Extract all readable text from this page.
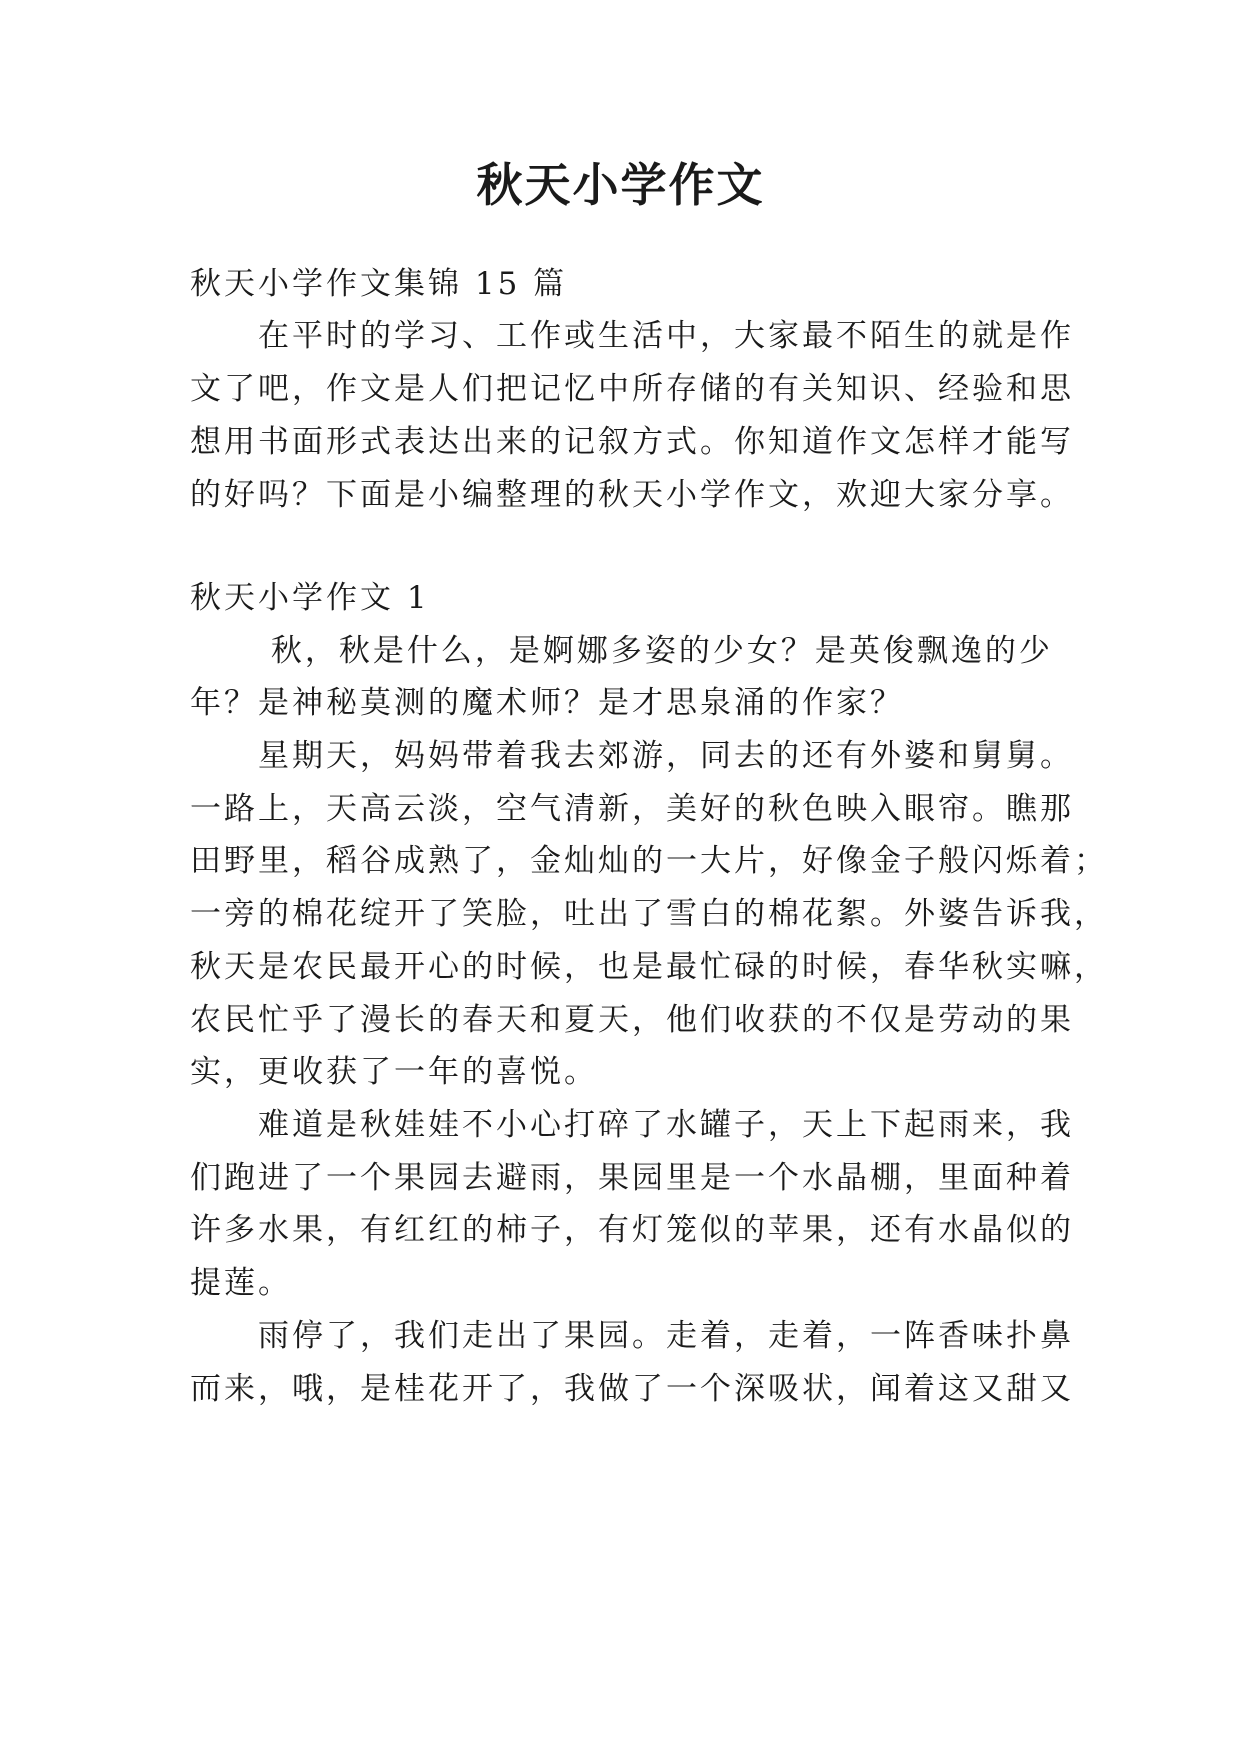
秋天小学作文
秋天小学作文集锦 15 篇
　　在平时的学习、工作或生活中，大家最不陌生的就是作
文了吧，作文是人们把记忆中所存储的有关知识、经验和思
想用书面形式表达出来的记叙方式。你知道作文怎样才能写
的好吗？下面是小编整理的秋天小学作文，欢迎大家分享。
秋天小学作文 1
　　 秋，秋是什么，是婀娜多姿的少女？是英俊飘逸的少
年？是神秘莫测的魔术师？是才思泉涌的作家？
　　星期天，妈妈带着我去郊游，同去的还有外婆和舅舅。
一路上，天高云淡，空气清新，美好的秋色映入眼帘。瞧那
田野里，稻谷成熟了，金灿灿的一大片，好像金子般闪烁着；
一旁的棉花绽开了笑脸，吐出了雪白的棉花絮。外婆告诉我，
秋天是农民最开心的时候，也是最忙碌的时候，春华秋实嘛，
农民忙乎了漫长的春天和夏天，他们收获的不仅是劳动的果
实，更收获了一年的喜悦。
　　难道是秋娃娃不小心打碎了水罐子，天上下起雨来，我
们跑进了一个果园去避雨，果园里是一个水晶棚，里面种着
许多水果，有红红的柿子，有灯笼似的苹果，还有水晶似的
提莲。
　　雨停了，我们走出了果园。走着，走着，一阵香味扑鼻
而来，哦，是桂花开了，我做了一个深吸状，闻着这又甜又
